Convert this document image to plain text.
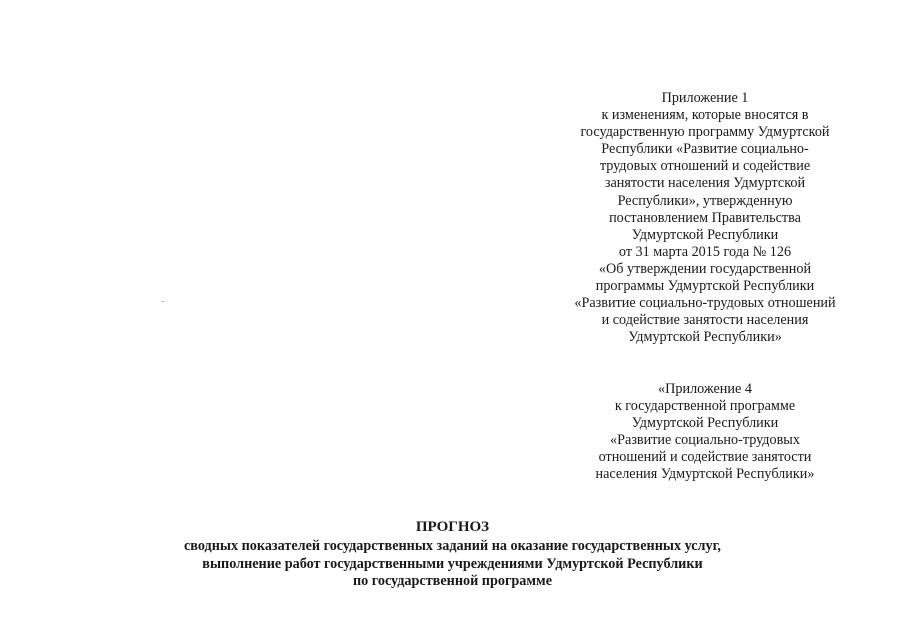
Приложение 1
к изменениям, которые вносятся в
государственную программу Удмуртской
Республики «Развитие социально-
трудовых отношений и содействие
занятости населения Удмуртской
Республики», утвержденную
постановлением Правительства
Удмуртской Республики
от 31 марта 2015 года № 126
«Об утверждении государственной
программы Удмуртской Республики
«Развитие социально-трудовых отношений
и содействие занятости населения
Удмуртской Республики»
«Приложение 4
к государственной программе
Удмуртской Республики
«Развитие социально-трудовых
отношений и содействие занятости
населения Удмуртской Республики»
ПРОГНОЗ
сводных показателей государственных заданий на оказание государственных услуг,
выполнение работ государственными учреждениями Удмуртской Республики
по государственной программе
